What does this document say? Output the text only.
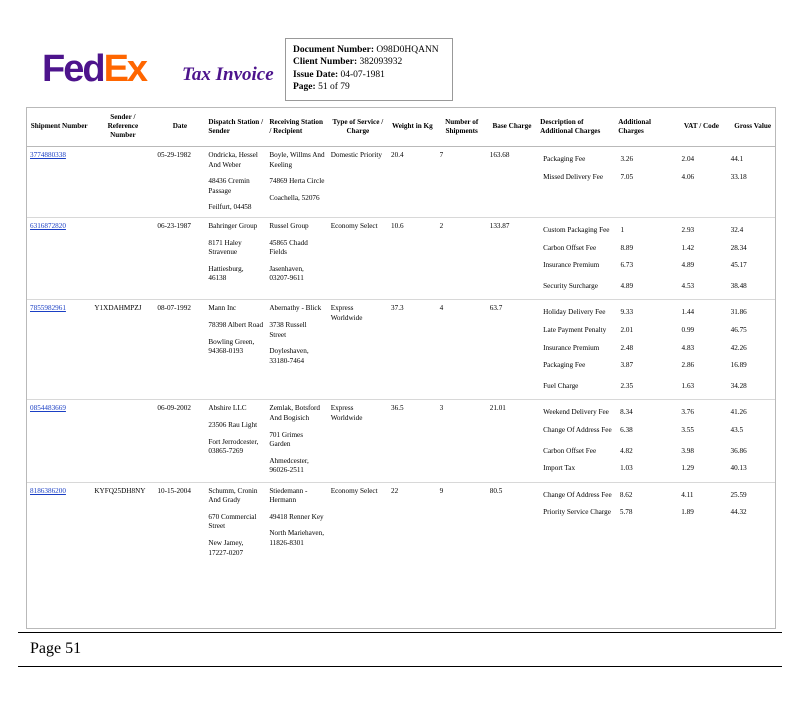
FedEx Tax Invoice
Document Number: O98D0HQANN
Client Number: 382093932
Issue Date: 04-07-1981
Page: 51 of 79
Shipment Number	Sender / Reference Number	Date	Dispatch Station / Sender	Receiving Station / Recipient	Type of Service / Charge	Weight in Kg	Number of Shipments	Base Charge	Description of Additional Charges	Additional Charges	VAT / Code	Gross Value
3774880338		05-29-1982	Ondricka, Hessel And Weber
48436 Cremin Passage
Feilfurt, 04458
	Boyle, Willms And Keeling
74869 Herta Circle
Coachella, 52076
	Domestic Priority	20.4	7	163.68		Packaging Fee	3.26	2.04	44.1
Missed Delivery Fee	7.05	4.06	33.18

6316872820		06-23-1987	Bahringer Group
8171 Haley Stravenue
Hattiesburg, 46138
	Russel Group
45865 Chadd Fields
Jasenhaven, 03207-9611
	Economy Select	10.6	2	133.87		Custom Packaging Fee	1	2.93	32.4
Carbon Offset Fee	8.89	1.42	28.34
Insurance Premium	6.73	4.89	45.17
Security Surcharge	4.89	4.53	38.48

7855982961	Y1XDAHMPZJ	08-07-1992	Mann Inc
78398 Albert Road
Bowling Green, 94368-0193
	Abernathy - Blick
3738 Russell Street
Doyleshaven, 33180-7464
	Express Worldwide	37.3	4	63.7		Holiday Delivery Fee	9.33	1.44	31.86
Late Payment Penalty	2.01	0.99	46.75
Insurance Premium	2.48	4.83	42.26
Packaging Fee	3.87	2.86	16.89
Fuel Charge	2.35	1.63	34.28

0854483669		06-09-2002	Abshire LLC
23506 Rau Light
Fort Jerrodcester, 03865-7269
	Zemlak, Botsford And Bogisich
701 Grimes Garden
Ahmedcester, 96026-2511
	Express Worldwide	36.5	3	21.01		Weekend Delivery Fee	8.34	3.76	41.26
Change Of Address Fee	6.38	3.55	43.5
Carbon Offset Fee	4.82	3.98	36.86
Import Tax	1.03	1.29	40.13

8186386200	KYFQ25DH8NY	10-15-2004	Schumm, Cronin And Grady
670 Commercial Street
New Jamey, 17227-0207
	Stiedemann - Hermann
49418 Renner Key
North Mariehaven, 11826-8301
	Economy Select	22	9	80.5		Change Of Address Fee	8.62	4.11	25.59
Priority Service Charge	5.78	1.89	44.32
Page 51
